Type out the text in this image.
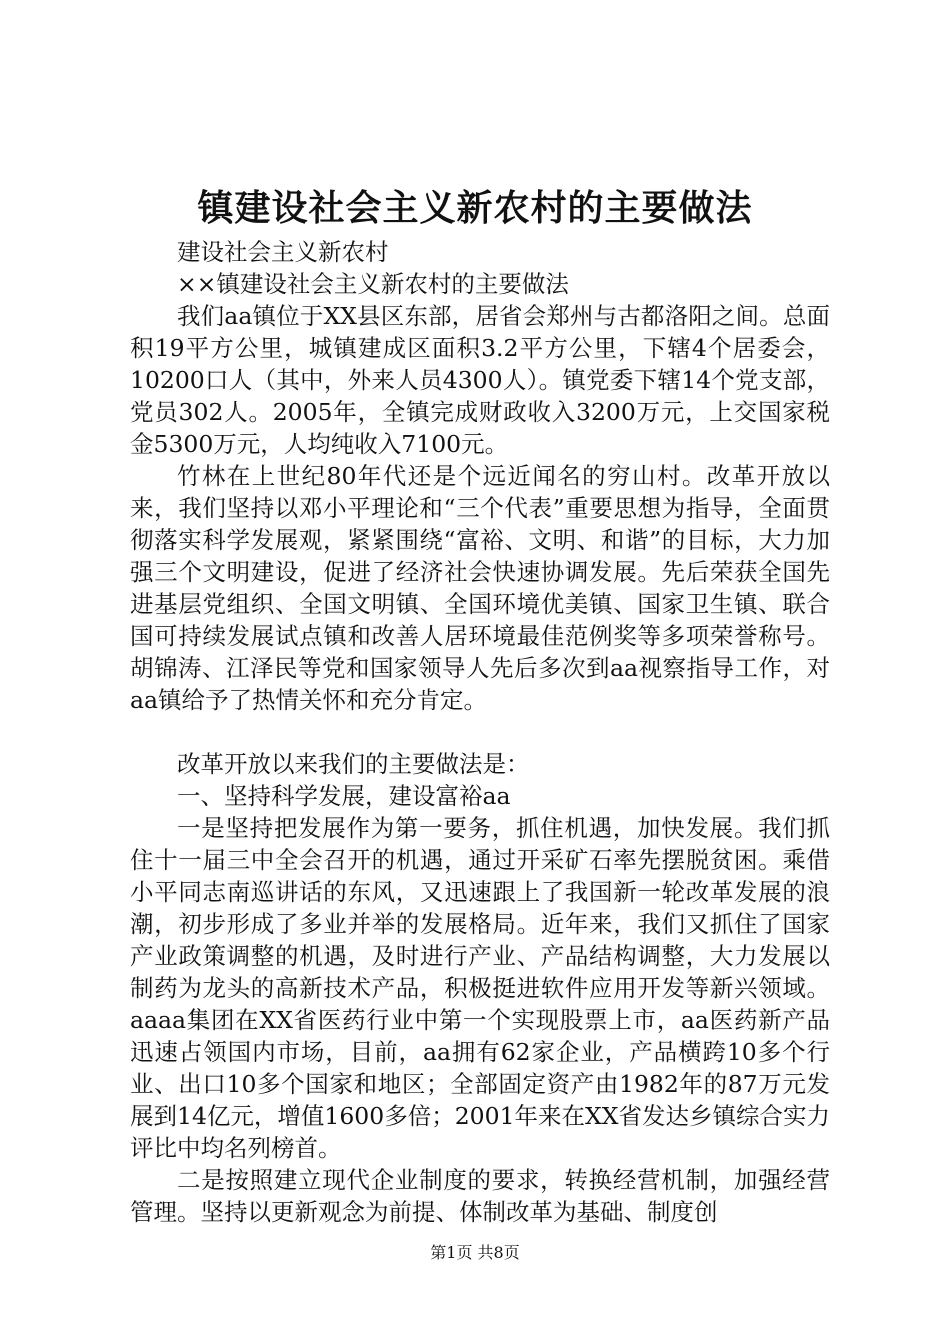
镇建设社会主义新农村的主要做法

建设社会主义新农村

××镇建设社会主义新农村的主要做法

我们aa镇位于XX县区东部，居省会郑州与古都洛阳之间。总面积19平方公里，城镇建成区面积3.2平方公里，下辖4个居委会，10200口人（其中，外来人员4300人）。镇党委下辖14个党支部，党员302人。2005年，全镇完成财政收入3200万元，上交国家税金5300万元，人均纯收入7100元。

竹林在上世纪80年代还是个远近闻名的穷山村。改革开放以来，我们坚持以邓小平理论和“三个代表”重要思想为指导，全面贯彻落实科学发展观，紧紧围绕“富裕、文明、和谐”的目标，大力加强三个文明建设，促进了经济社会快速协调发展。先后荣获全国先进基层党组织、全国文明镇、全国环境优美镇、国家卫生镇、联合国可持续发展试点镇和改善人居环境最佳范例奖等多项荣誉称号。胡锦涛、江泽民等党和国家领导人先后多次到aa视察指导工作，对aa镇给予了热情关怀和充分肯定。

改革开放以来我们的主要做法是：

一、坚持科学发展，建设富裕aa

一是坚持把发展作为第一要务，抓住机遇，加快发展。我们抓住十一届三中全会召开的机遇，通过开采矿石率先摆脱贫困。乘借小平同志南巡讲话的东风，又迅速跟上了我国新一轮改革发展的浪潮，初步形成了多业并举的发展格局。近年来，我们又抓住了国家产业政策调整的机遇，及时进行产业、产品结构调整，大力发展以制药为龙头的高新技术产品，积极挺进软件应用开发等新兴领域。aaaa集团在XX省医药行业中第一个实现股票上市，aa医药新产品迅速占领国内市场，目前，aa拥有62家企业，产品横跨10多个行业、出口10多个国家和地区；全部固定资产由1982年的87万元发展到14亿元，增值1600多倍；2001年来在XX省发达乡镇综合实力评比中均名列榜首。

二是按照建立现代企业制度的要求，转换经营机制，加强经营管理。坚持以更新观念为前提、体制改革为基础、制度创

第1页 共8页
